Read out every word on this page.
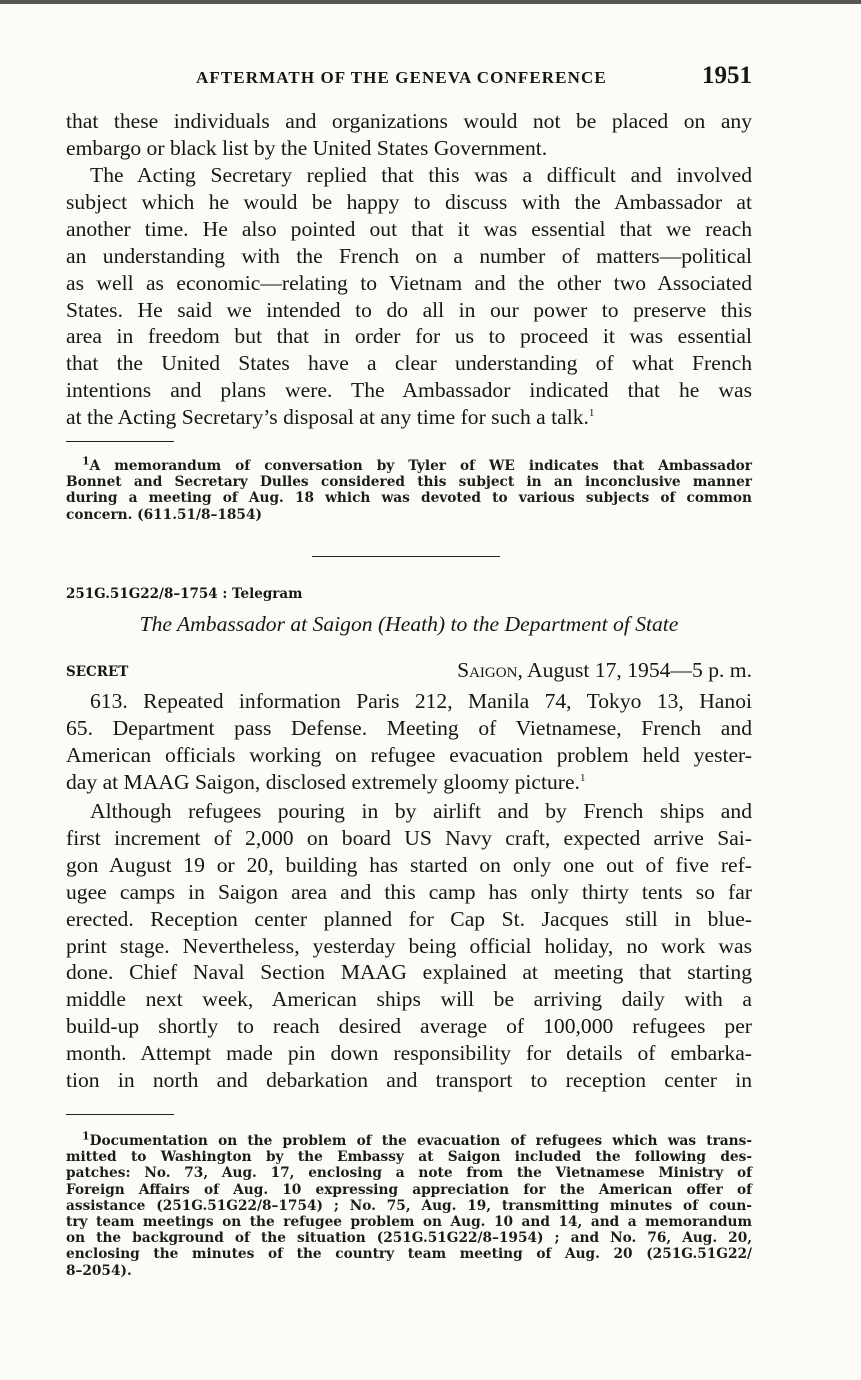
AFTERMATH OF THE GENEVA CONFERENCE	1951
that these individuals and organizations would not be placed on any
embargo or black list by the United States Government.
The Acting Secretary replied that this was a difficult and involved
subject which he would be happy to discuss with the Ambassador at
another time. He also pointed out that it was essential that we reach
an understanding with the French on a number of matters—political
as well as economic—relating to Vietnam and the other two Associated
States. He said we intended to do all in our power to preserve this
area in freedom but that in order for us to proceed it was essential
that the United States have a clear understanding of what French
intentions and plans were. The Ambassador indicated that he was
at the Acting Secretary’s disposal at any time for such a talk.$^1$
$^1$A memorandum of conversation by Tyler of WE indicates that Ambassador
Bonnet and Secretary Dulles considered this subject in an inconclusive manner
during a meeting of Aug. 18 which was devoted to various subjects of common
concern. (611.51/8–1854)
251G.51G22/8–1754 : Telegram
The Ambassador at Saigon (Heath) to the Department of State
SECRET	Saigon, August 17, 1954—5 p. m.
613. Repeated information Paris 212, Manila 74, Tokyo 13, Hanoi
65. Department pass Defense. Meeting of Vietnamese, French and
American officials working on refugee evacuation problem held yester-
day at MAAG Saigon, disclosed extremely gloomy picture.$^1$
Although refugees pouring in by airlift and by French ships and
first increment of 2,000 on board US Navy craft, expected arrive Sai-
gon August 19 or 20, building has started on only one out of five ref-
ugee camps in Saigon area and this camp has only thirty tents so far
erected. Reception center planned for Cap St. Jacques still in blue-
print stage. Nevertheless, yesterday being official holiday, no work was
done. Chief Naval Section MAAG explained at meeting that starting
middle next week, American ships will be arriving daily with a
build-up shortly to reach desired average of 100,000 refugees per
month. Attempt made pin down responsibility for details of embarka-
tion in north and debarkation and transport to reception center in
$^1$Documentation on the problem of the evacuation of refugees which was trans-
mitted to Washington by the Embassy at Saigon included the following des-
patches: No. 73, Aug. 17, enclosing a note from the Vietnamese Ministry of
Foreign Affairs of Aug. 10 expressing appreciation for the American offer of
assistance (251G.51G22/8–1754) ; No. 75, Aug. 19, transmitting minutes of coun-
try team meetings on the refugee problem on Aug. 10 and 14, and a memorandum
on the background of the situation (251G.51G22/8–1954) ; and No. 76, Aug. 20,
enclosing the minutes of the country team meeting of Aug. 20 (251G.51G22/
8–2054).
